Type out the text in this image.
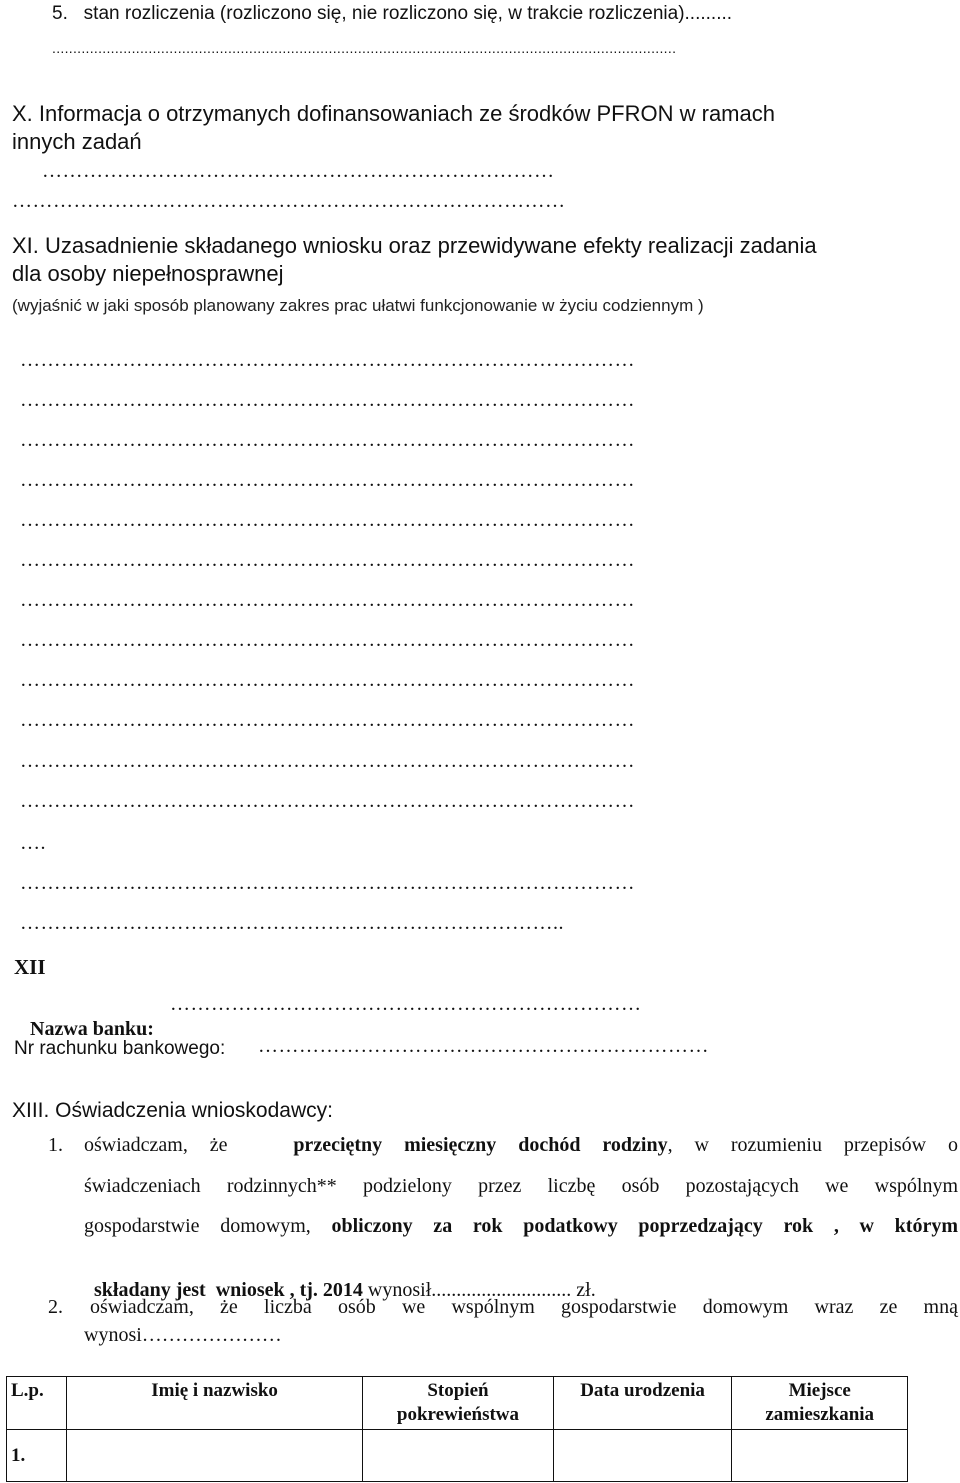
5.   stan rozliczenia (rozliczono się, nie rozliczono się, w trakcie rozliczenia).........
.....................................................................................................................................................
X. Informacja o otrzymanych dofinansowaniach ze środków PFRON w ramach
innych zadań
…………………………………………………………………
………………………………………………………………………
XI. Uzasadnienie składanego wniosku oraz przewidywane efekty realizacji zadania
dla osoby niepełnosprawnej
(wyjaśnić w jaki sposób planowany zakres prac ułatwi funkcjonowanie w życiu codziennym )
………………………………………………………………………………
………………………………………………………………………………
………………………………………………………………………………
………………………………………………………………………………
………………………………………………………………………………
………………………………………………………………………………
………………………………………………………………………………
………………………………………………………………………………
………………………………………………………………………………
………………………………………………………………………………
………………………………………………………………………………
………………………………………………………………………………
….
………………………………………………………………………………
……………………………………………………………………..
XII

Nazwa banku:

……………………………………………………………
Nr rachunku bankowego: …………………………………………………………
XIII. Oświadczenia wnioskodawcy:
1. oświadczam, że	przeciętny miesięczny dochód rodziny, w rozumieniu przepisów o
świadczeniach rodzinnych** podzielony przez liczbę osób pozostających we wspólnym
gospodarstwie domowym, obliczony za rok podatkowy poprzedzający rok , w którym

składany jest  wniosek , tj. 2014 wynosił............................ zł.

2. oświadczam, że liczba osób we wspólnym gospodarstwie domowym wraz ze mną
wynosi…………………
L.p.	Imię i nazwisko	Stopień pokrewieństwa	Data urodzenia	Miejsce zamieszkania
1.				
